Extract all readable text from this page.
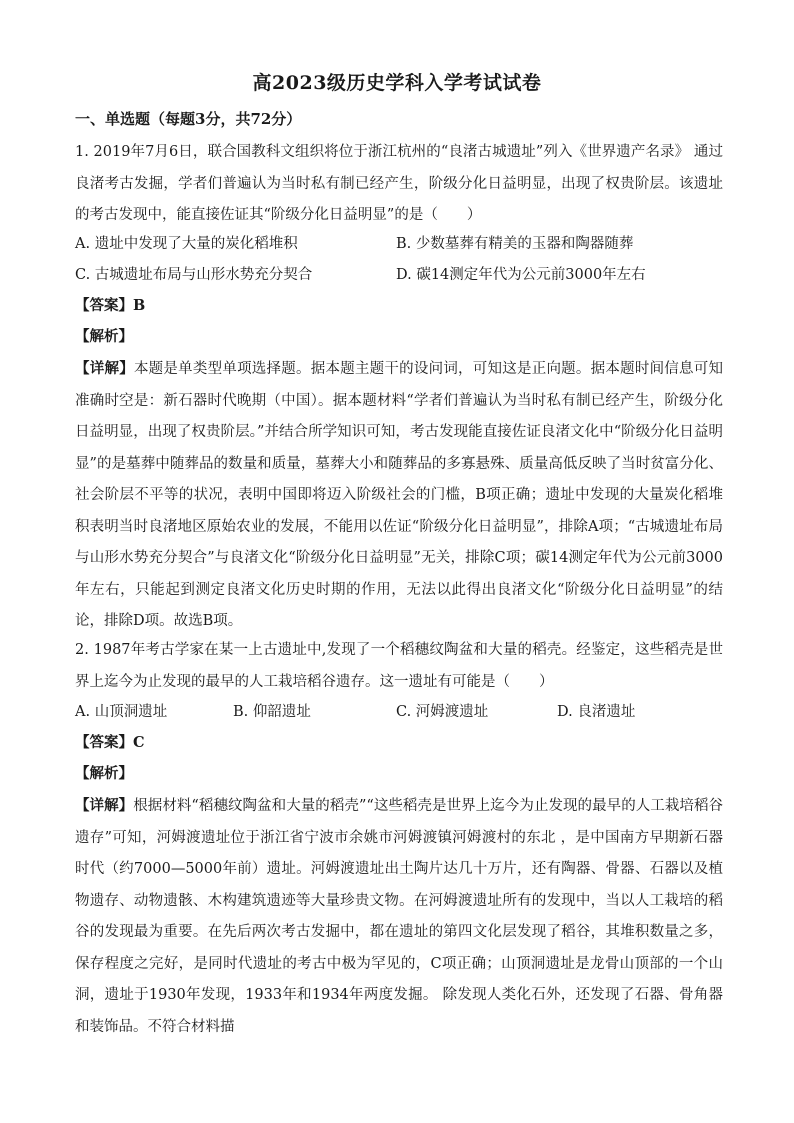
高2023级历史学科入学考试试卷
一、单选题（每题3分，共72分）

1. 2019年7月6日，联合国教科文组织将位于浙江杭州的“良渚古城遗址”列入《世界遗产名录》 通过良渚考古发掘，学者们普遍认为当时私有制已经产生，阶级分化日益明显，出现了权贵阶层。该遗址的考古发现中，能直接佐证其“阶级分化日益明显”的是（　　）

A. 遗址中发现了大量的炭化稻堆积	B. 少数墓葬有精美的玉器和陶器随葬
C. 古城遗址布局与山形水势充分契合	D. 碳14测定年代为公元前3000年左右
【答案】B
【解析】

【详解】本题是单类型单项选择题。据本题主题干的设问词，可知这是正向题。据本题时间信息可知准确时空是：新石器时代晚期（中国）。据本题材料“学者们普遍认为当时私有制已经产生，阶级分化日益明显，出现了权贵阶层。”并结合所学知识可知，考古发现能直接佐证良渚文化中“阶级分化日益明显”的是墓葬中随葬品的数量和质量，墓葬大小和随葬品的多寡悬殊、质量高低反映了当时贫富分化、社会阶层不平等的状况，表明中国即将迈入阶级社会的门槛，B项正确；遗址中发现的大量炭化稻堆积表明当时良渚地区原始农业的发展，不能用以佐证“阶级分化日益明显”，排除A项；“古城遗址布局与山形水势充分契合”与良渚文化“阶级分化日益明显”无关，排除C项；碳14测定年代为公元前3000年左右，只能起到测定良渚文化历史时期的作用，无法以此得出良渚文化“阶级分化日益明显”的结论，排除D项。故选B项。

2. 1987年考古学家在某一上古遗址中,发现了一个稻穗纹陶盆和大量的稻壳。经鉴定，这些稻壳是世界上迄今为止发现的最早的人工栽培稻谷遗存。这一遗址有可能是（　　）

A. 山顶洞遗址	B. 仰韶遗址	C. 河姆渡遗址	D. 良渚遗址
【答案】C
【解析】

【详解】根据材料“稻穗纹陶盆和大量的稻壳”“这些稻壳是世界上迄今为止发现的最早的人工栽培稻谷遗存”可知，河姆渡遗址位于浙江省宁波市余姚市河姆渡镇河姆渡村的东北 ，是中国南方早期新石器时代（约7000—5000年前）遗址。河姆渡遗址出土陶片达几十万片，还有陶器、骨器、石器以及植物遗存、动物遗骸、木构建筑遗迹等大量珍贵文物。在河姆渡遗址所有的发现中，当以人工栽培的稻谷的发现最为重要。在先后两次考古发掘中，都在遗址的第四文化层发现了稻谷，其堆积数量之多，保存程度之完好，是同时代遗址的考古中极为罕见的，C项正确；山顶洞遗址是龙骨山顶部的一个山洞，遗址于1930年发现，1933年和1934年两度发掘。 除发现人类化石外，还发现了石器、骨角器和装饰品。不符合材料描
